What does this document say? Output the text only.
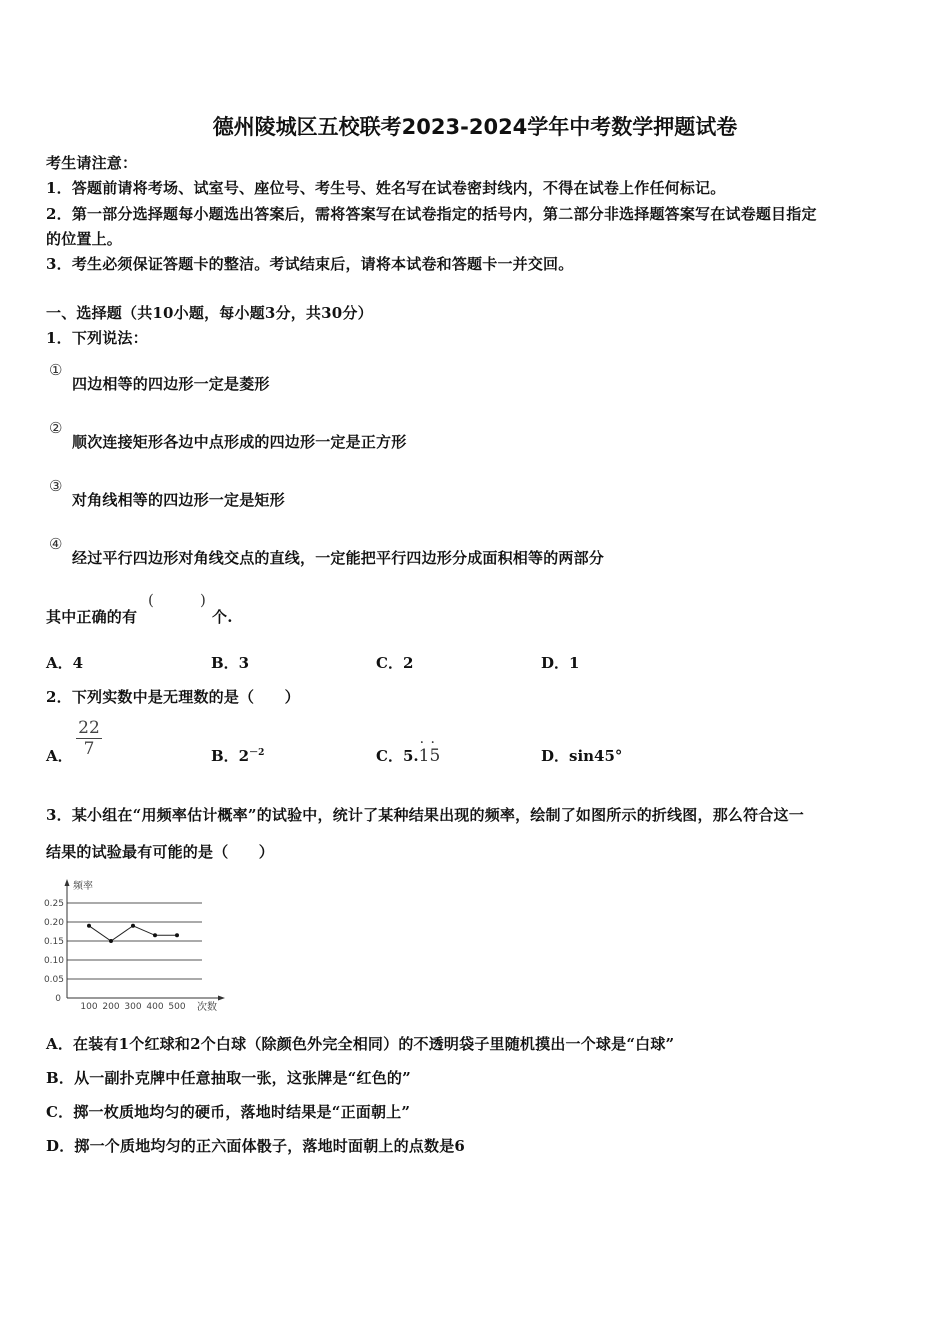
德州陵城区五校联考2023-2024学年中考数学押题试卷
考生请注意：
1．答题前请将考场、试室号、座位号、考生号、姓名写在试卷密封线内，不得在试卷上作任何标记。
2．第一部分选择题每小题选出答案后，需将答案写在试卷指定的括号内，第二部分非选择题答案写在试卷题目指定
的位置上。
3．考生必须保证答题卡的整洁。考试结束后，请将本试卷和答题卡一并交回。
一、选择题（共10小题，每小题3分，共30分）
1．下列说法：
①
四边相等的四边形一定是菱形
②
顺次连接矩形各边中点形成的四边形一定是正方形
③
对角线相等的四边形一定是矩形
④
经过平行四边形对角线交点的直线，一定能把平行四边形分成面积相等的两部分
其中正确的有
(	)
个.
A．4	B．3	C．2	D．1
2．下列实数中是无理数的是（　　）
A． $\frac{22}{7}$	B．$2^{-2}$	C．5.· 1· 5	D．sin45°
3．某小组在“用频率估计概率”的试验中，统计了某种结果出现的频率，绘制了如图所示的折线图，那么符合这一
结果的试验最有可能的是（　　）
频率
次数
0.05
0.10
0.15
0.20
0.25
0
100 200 300 400 500
A．在装有1个红球和2个白球（除颜色外完全相同）的不透明袋子里随机摸出一个球是“白球”
B．从一副扑克牌中任意抽取一张，这张牌是“红色的”
C．掷一枚质地均匀的硬币，落地时结果是“正面朝上”
D．掷一个质地均匀的正六面体骰子，落地时面朝上的点数是6
